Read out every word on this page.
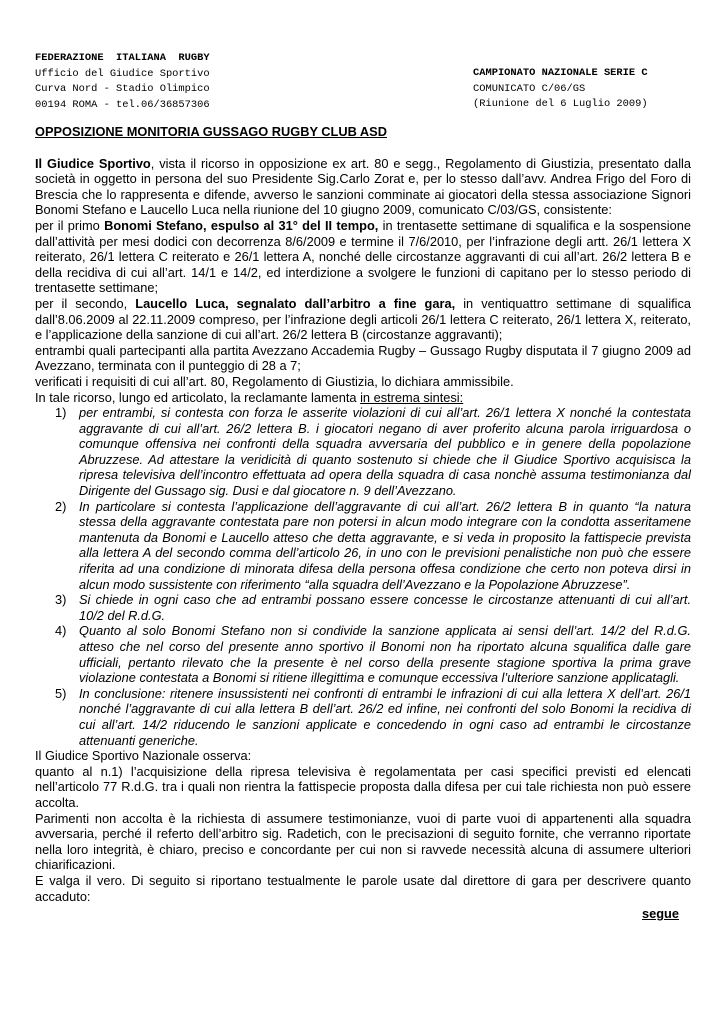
FEDERAZIONE  ITALIANA  RUGBY
Ufficio del Giudice Sportivo
Curva Nord - Stadio Olimpico
00194 ROMA - tel.06/36857306
CAMPIONATO NAZIONALE SERIE C
COMUNICATO C/06/GS
(Riunione del 6 Luglio 2009)
OPPOSIZIONE MONITORIA GUSSAGO RUGBY CLUB ASD
Il Giudice Sportivo, vista il ricorso in opposizione ex art. 80 e segg., Regolamento di Giustizia, presentato dalla società in oggetto in persona del suo Presidente Sig.Carlo Zorat e, per lo stesso dall’avv. Andrea Frigo del Foro di Brescia che lo rappresenta e difende, avverso le sanzioni comminate ai giocatori della stessa associazione Signori Bonomi Stefano e Laucello Luca nella riunione del 10 giugno 2009, comunicato C/03/GS, consistente:
per il primo Bonomi Stefano, espulso al 31° del II tempo, in trentasette settimane di squalifica e la sospensione dall’attività per mesi dodici con decorrenza 8/6/2009 e termine il 7/6/2010, per l’infrazione degli artt. 26/1 lettera X reiterato, 26/1 lettera C reiterato e 26/1 lettera A, nonché delle circostanze aggravanti di cui all’art. 26/2 lettera B e della recidiva di cui all’art. 14/1 e 14/2, ed interdizione a svolgere le funzioni di capitano per lo stesso periodo di trentasette settimane;
per il secondo, Laucello Luca, segnalato dall’arbitro a fine gara, in ventiquattro settimane di squalifica dall’8.06.2009 al 22.11.2009 compreso, per l’infrazione degli articoli 26/1 lettera C reiterato, 26/1 lettera X, reiterato, e l’applicazione della sanzione di cui all’art. 26/2 lettera B (circostanze aggravanti);
entrambi quali partecipanti alla partita Avezzano Accademia Rugby – Gussago Rugby disputata il 7 giugno 2009 ad Avezzano, terminata con il punteggio di 28 a 7;
verificati i requisiti di cui all’art. 80, Regolamento di Giustizia, lo dichiara ammissibile.
In tale ricorso, lungo ed articolato, la reclamante lamenta in estrema sintesi:
1) per entrambi, si contesta con forza le asserite violazioni di cui all’art. 26/1 lettera X nonché la contestata aggravante di cui all’art. 26/2 lettera B. i giocatori negano di aver proferito alcuna parola irriguardosa o comunque offensiva nei confronti della squadra avversaria del pubblico e in genere della popolazione Abruzzese. Ad attestare la veridicità di quanto sostenuto si chiede che il Giudice Sportivo acquisisca la ripresa televisiva dell’incontro effettuata ad opera della squadra di casa nonchè assuma testimonianza dal Dirigente del Gussago sig. Dusi e dal giocatore n. 9 dell’Avezzano.
2) In particolare si contesta l’applicazione dell’aggravante di cui all’art. 26/2 lettera B in quanto “la natura stessa della aggravante contestata pare non potersi in alcun modo integrare con la condotta asseritamene mantenuta da Bonomi e Laucello atteso che detta aggravante, e si veda in proposito la fattispecie prevista alla lettera A del secondo comma dell’articolo 26, in uno con le previsioni penalistiche non può che essere riferita ad una condizione di minorata difesa della persona offesa condizione che certo non poteva dirsi in alcun modo sussistente con riferimento “alla squadra dell’Avezzano e la Popolazione Abruzzese”.
3) Si chiede in ogni caso che ad entrambi possano essere concesse le circostanze attenuanti di cui all’art. 10/2 del R.d.G.
4) Quanto al solo Bonomi Stefano non si condivide la sanzione applicata ai sensi dell’art. 14/2 del R.d.G. atteso che nel corso del presente anno sportivo il Bonomi non ha riportato alcuna squalifica dalle gare ufficiali, pertanto rilevato che la presente è nel corso della presente stagione sportiva la prima grave violazione contestata a Bonomi si ritiene illegittima e comunque eccessiva l’ulteriore sanzione applicatagli.
5) In conclusione: ritenere insussistenti nei confronti di entrambi le infrazioni di cui alla lettera X dell’art. 26/1 nonché l’aggravante di cui alla lettera B dell’art. 26/2 ed infine, nei confronti del solo Bonomi la recidiva di cui all’art. 14/2 riducendo le sanzioni applicate e concedendo in ogni caso ad entrambi le circostanze attenuanti generiche.
Il Giudice Sportivo Nazionale osserva:
quanto al n.1) l’acquisizione della ripresa televisiva è regolamentata per casi specifici previsti ed elencati nell’articolo 77 R.d.G. tra i quali non rientra la fattispecie proposta dalla difesa per cui tale richiesta non può essere accolta.
Parimenti non accolta è la richiesta di assumere testimonianze, vuoi di parte vuoi di appartenenti alla squadra avversaria, perché il referto dell’arbitro sig. Radetich, con le precisazioni di seguito fornite, che verranno riportate nella loro integrità, è chiaro, preciso e concordante per cui non si ravvede necessità alcuna di assumere ulteriori chiarificazioni.
E valga il vero. Di seguito si riportano testualmente le parole usate dal direttore di gara per descrivere quanto accaduto:
segue
